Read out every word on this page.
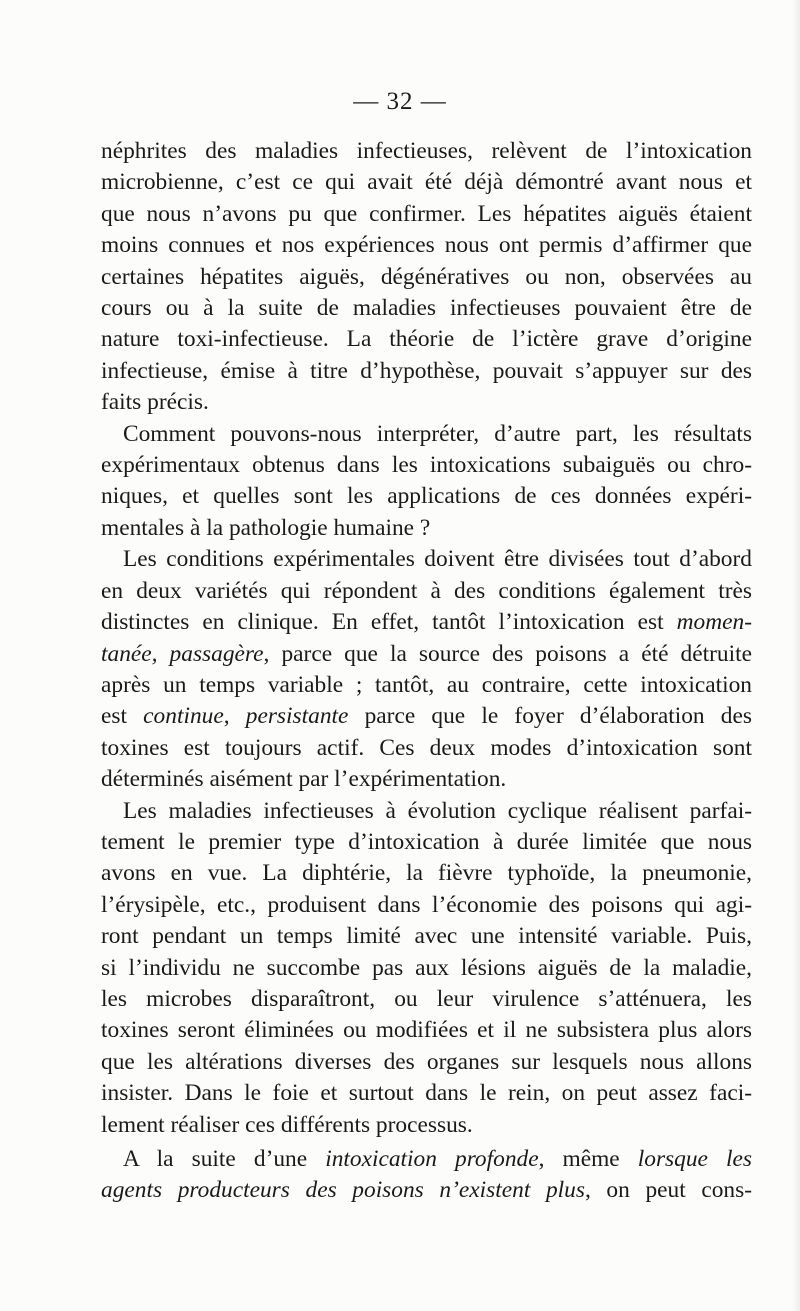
— 32 —
néphrites des maladies infectieuses, relèvent de l’intoxication
microbienne, c’est ce qui avait été déjà démontré avant nous et
que nous n’avons pu que confirmer. Les hépatites aiguës étaient
moins connues et nos expériences nous ont permis d’affirmer que
certaines hépatites aiguës, dégénératives ou non, observées au
cours ou à la suite de maladies infectieuses pouvaient être de
nature toxi-infectieuse. La théorie de l’ictère grave d’origine
infectieuse, émise à titre d’hypothèse, pouvait s’appuyer sur des
faits précis.
Comment pouvons-nous interpréter, d’autre part, les résultats
expérimentaux obtenus dans les intoxications subaiguës ou chro-
niques, et quelles sont les applications de ces données expéri-
mentales à la pathologie humaine ?
Les conditions expérimentales doivent être divisées tout d’abord
en deux variétés qui répondent à des conditions également très
distinctes en clinique. En effet, tantôt l’intoxication est momen-
tanée, passagère, parce que la source des poisons a été détruite
après un temps variable ; tantôt, au contraire, cette intoxication
est continue, persistante parce que le foyer d’élaboration des
toxines est toujours actif. Ces deux modes d’intoxication sont
déterminés aisément par l’expérimentation.
Les maladies infectieuses à évolution cyclique réalisent parfai-
tement le premier type d’intoxication à durée limitée que nous
avons en vue. La diphtérie, la fièvre typhoïde, la pneumonie,
l’érysipèle, etc., produisent dans l’économie des poisons qui agi-
ront pendant un temps limité avec une intensité variable. Puis,
si l’individu ne succombe pas aux lésions aiguës de la maladie,
les microbes disparaîtront, ou leur virulence s’atténuera, les
toxines seront éliminées ou modifiées et il ne subsistera plus alors
que les altérations diverses des organes sur lesquels nous allons
insister. Dans le foie et surtout dans le rein, on peut assez faci-
lement réaliser ces différents processus.
A la suite d’une intoxication profonde, même lorsque les
agents producteurs des poisons n’existent plus, on peut cons-
